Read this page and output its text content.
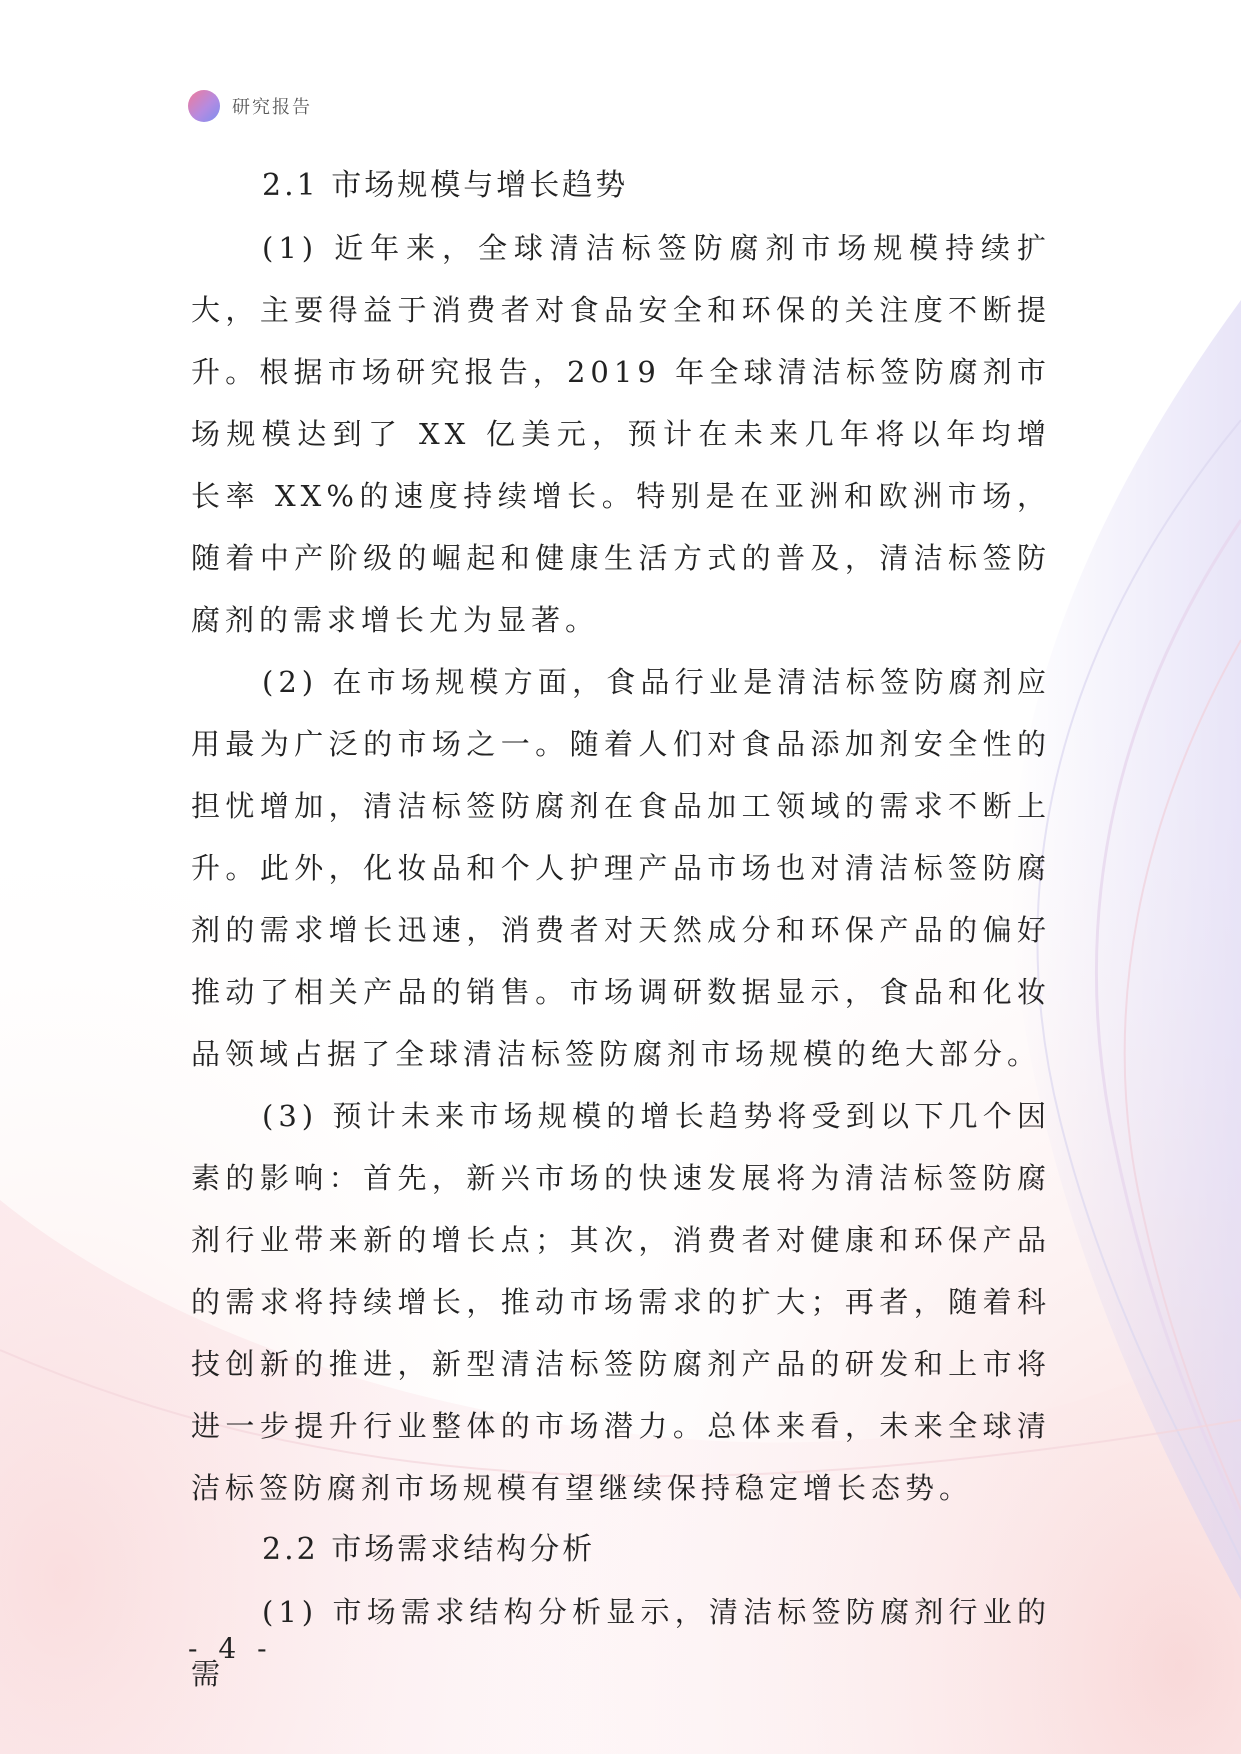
研究报告
2.1 市场规模与增长趋势

(1) 近年来，全球清洁标签防腐剂市场规模持续扩大，主要得益于消费者对食品安全和环保的关注度不断提升。根据市场研究报告，2019 年全球清洁标签防腐剂市场规模达到了 XX 亿美元，预计在未来几年将以年均增长率 XX%的速度持续增长。特别是在亚洲和欧洲市场，随着中产阶级的崛起和健康生活方式的普及，清洁标签防腐剂的需求增长尤为显著。

(2) 在市场规模方面，食品行业是清洁标签防腐剂应用最为广泛的市场之一。随着人们对食品添加剂安全性的担忧增加，清洁标签防腐剂在食品加工领域的需求不断上升。此外，化妆品和个人护理产品市场也对清洁标签防腐剂的需求增长迅速，消费者对天然成分和环保产品的偏好推动了相关产品的销售。市场调研数据显示，食品和化妆品领域占据了全球清洁标签防腐剂市场规模的绝大部分。

(3) 预计未来市场规模的增长趋势将受到以下几个因素的影响：首先，新兴市场的快速发展将为清洁标签防腐剂行业带来新的增长点；其次，消费者对健康和环保产品的需求将持续增长，推动市场需求的扩大；再者，随着科技创新的推进，新型清洁标签防腐剂产品的研发和上市将进一步提升行业整体的市场潜力。总体来看，未来全球清洁标签防腐剂市场规模有望继续保持稳定增长态势。

2.2 市场需求结构分析

(1) 市场需求结构分析显示，清洁标签防腐剂行业的需

- 4 -
